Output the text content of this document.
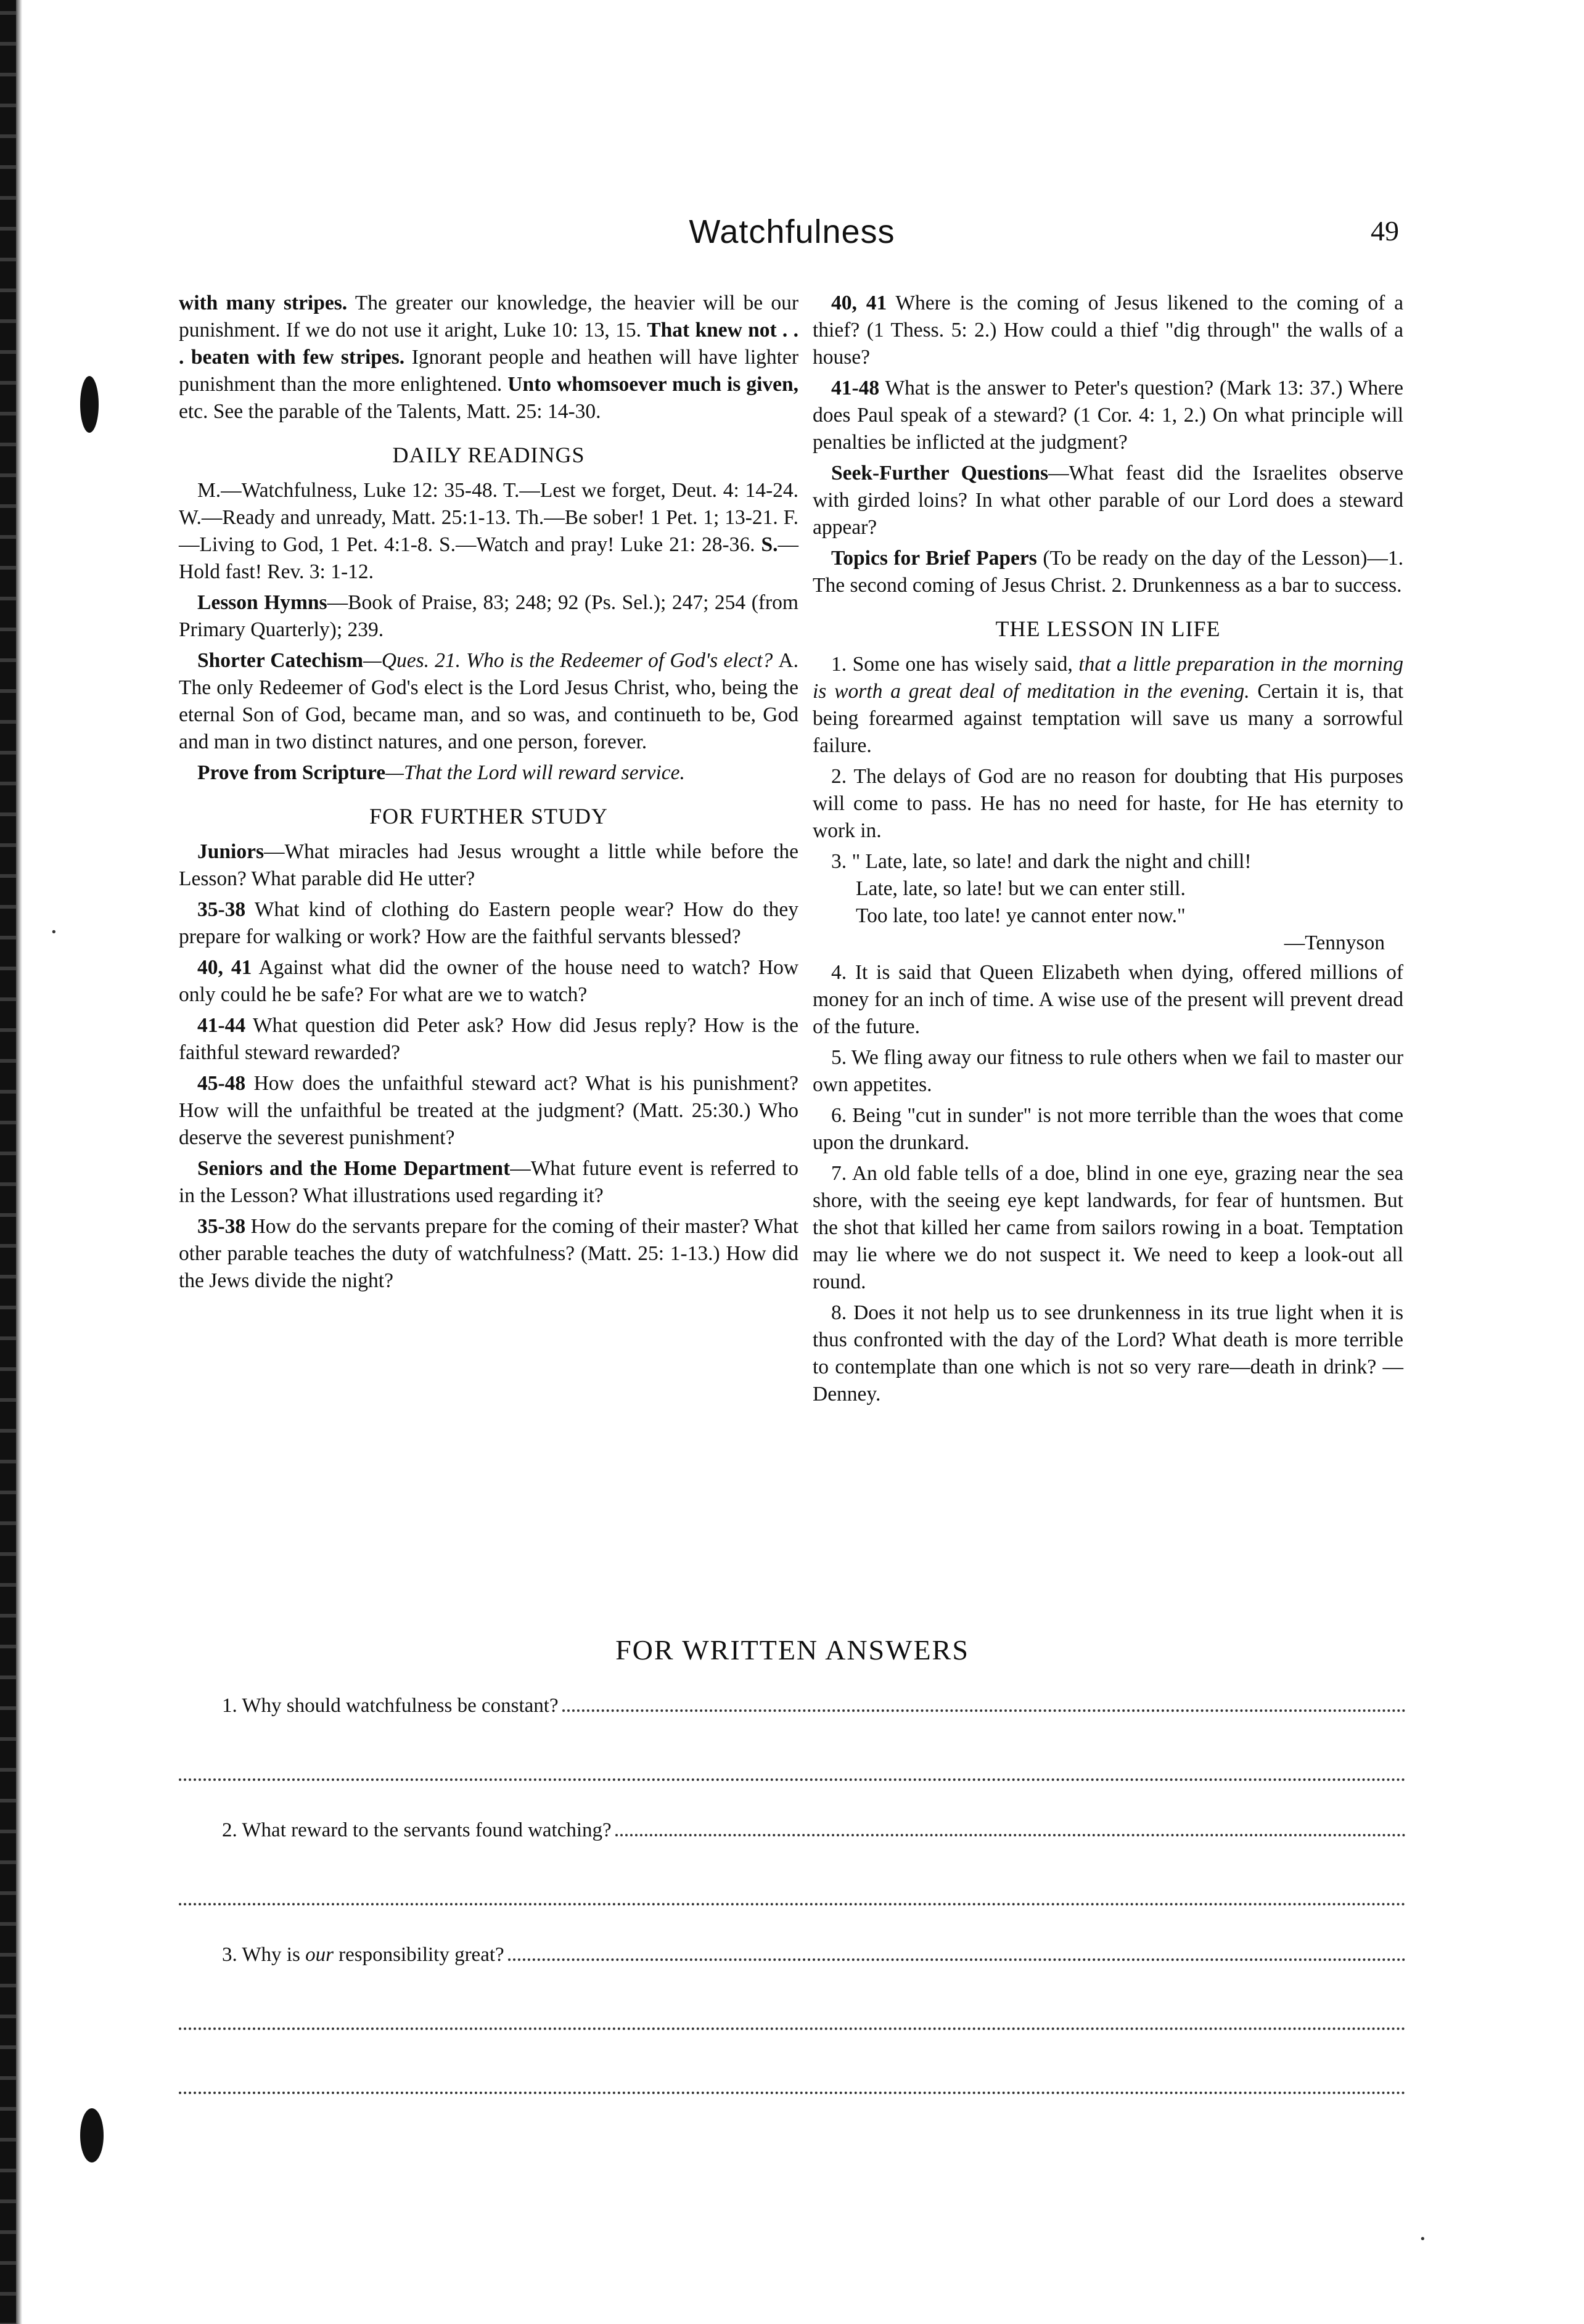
·
·
Watchfulness	49

with many stripes. The greater our knowledge, the heavier will be our punishment. If we do not use it aright, Luke 10: 13, 15. That knew not . . . beaten with few stripes. Ignorant people and heathen will have lighter punishment than the more enlightened. Unto whomsoever much is given, etc. See the parable of the Talents, Matt. 25: 14-30.

DAILY READINGS

M.—Watchfulness, Luke 12: 35-48. T.—Lest we forget, Deut. 4: 14-24. W.—Ready and unready, Matt. 25:1-13. Th.—Be sober! 1 Pet. 1; 13-21. F.—Living to God, 1 Pet. 4:1-8. S.—Watch and pray! Luke 21: 28-36. S.—Hold fast! Rev. 3: 1-12.

Lesson Hymns—Book of Praise, 83; 248; 92 (Ps. Sel.); 247; 254 (from Primary Quarterly); 239.

Shorter Catechism—Ques. 21. Who is the Redeemer of God's elect? A. The only Redeemer of God's elect is the Lord Jesus Christ, who, being the eternal Son of God, became man, and so was, and continueth to be, God and man in two distinct natures, and one person, forever.

Prove from Scripture—That the Lord will reward service.

FOR FURTHER STUDY

Juniors—What miracles had Jesus wrought a little while before the Lesson? What parable did He utter?

35-38 What kind of clothing do Eastern people wear? How do they prepare for walking or work? How are the faithful servants blessed?

40, 41 Against what did the owner of the house need to watch? How only could he be safe? For what are we to watch?

41-44 What question did Peter ask? How did Jesus reply? How is the faithful steward rewarded?

45-48 How does the unfaithful steward act? What is his punishment? How will the unfaithful be treated at the judgment? (Matt. 25:30.) Who deserve the severest punishment?

Seniors and the Home Department—What future event is referred to in the Lesson? What illustrations used regarding it?

35-38 How do the servants prepare for the coming of their master? What other parable teaches the duty of watchfulness? (Matt. 25: 1-13.) How did the Jews divide the night?

40, 41 Where is the coming of Jesus likened to the coming of a thief? (1 Thess. 5: 2.) How could a thief "dig through" the walls of a house?

41-48 What is the answer to Peter's question? (Mark 13: 37.) Where does Paul speak of a steward? (1 Cor. 4: 1, 2.) On what principle will penalties be inflicted at the judgment?

Seek-Further Questions—What feast did the Israelites observe with girded loins? In what other parable of our Lord does a steward appear?

Topics for Brief Papers (To be ready on the day of the Lesson)—1. The second coming of Jesus Christ. 2. Drunkenness as a bar to success.

THE LESSON IN LIFE

1. Some one has wisely said, that a little preparation in the morning is worth a great deal of meditation in the evening. Certain it is, that being forearmed against temptation will save us many a sorrowful failure.

2. The delays of God are no reason for doubting that His purposes will come to pass. He has no need for haste, for He has eternity to work in.

3. " Late, late, so late! and dark the night and chill!
Late, late, so late! but we can enter still.
Too late, too late! ye cannot enter now."
—Tennyson

4. It is said that Queen Elizabeth when dying, offered millions of money for an inch of time. A wise use of the present will prevent dread of the future.

5. We fling away our fitness to rule others when we fail to master our own appetites.

6. Being "cut in sunder" is not more terrible than the woes that come upon the drunkard.

7. An old fable tells of a doe, blind in one eye, grazing near the sea shore, with the seeing eye kept landwards, for fear of huntsmen. But the shot that killed her came from sailors rowing in a boat. Temptation may lie where we do not suspect it. We need to keep a look-out all round.

8. Does it not help us to see drunkenness in its true light when it is thus confronted with the day of the Lord? What death is more terrible to contemplate than one which is not so very rare—death in drink? —Denney.

FOR WRITTEN ANSWERS
1. Why should watchfulness be constant?
2. What reward to the servants found watching?
3. Why is our responsibility great?
